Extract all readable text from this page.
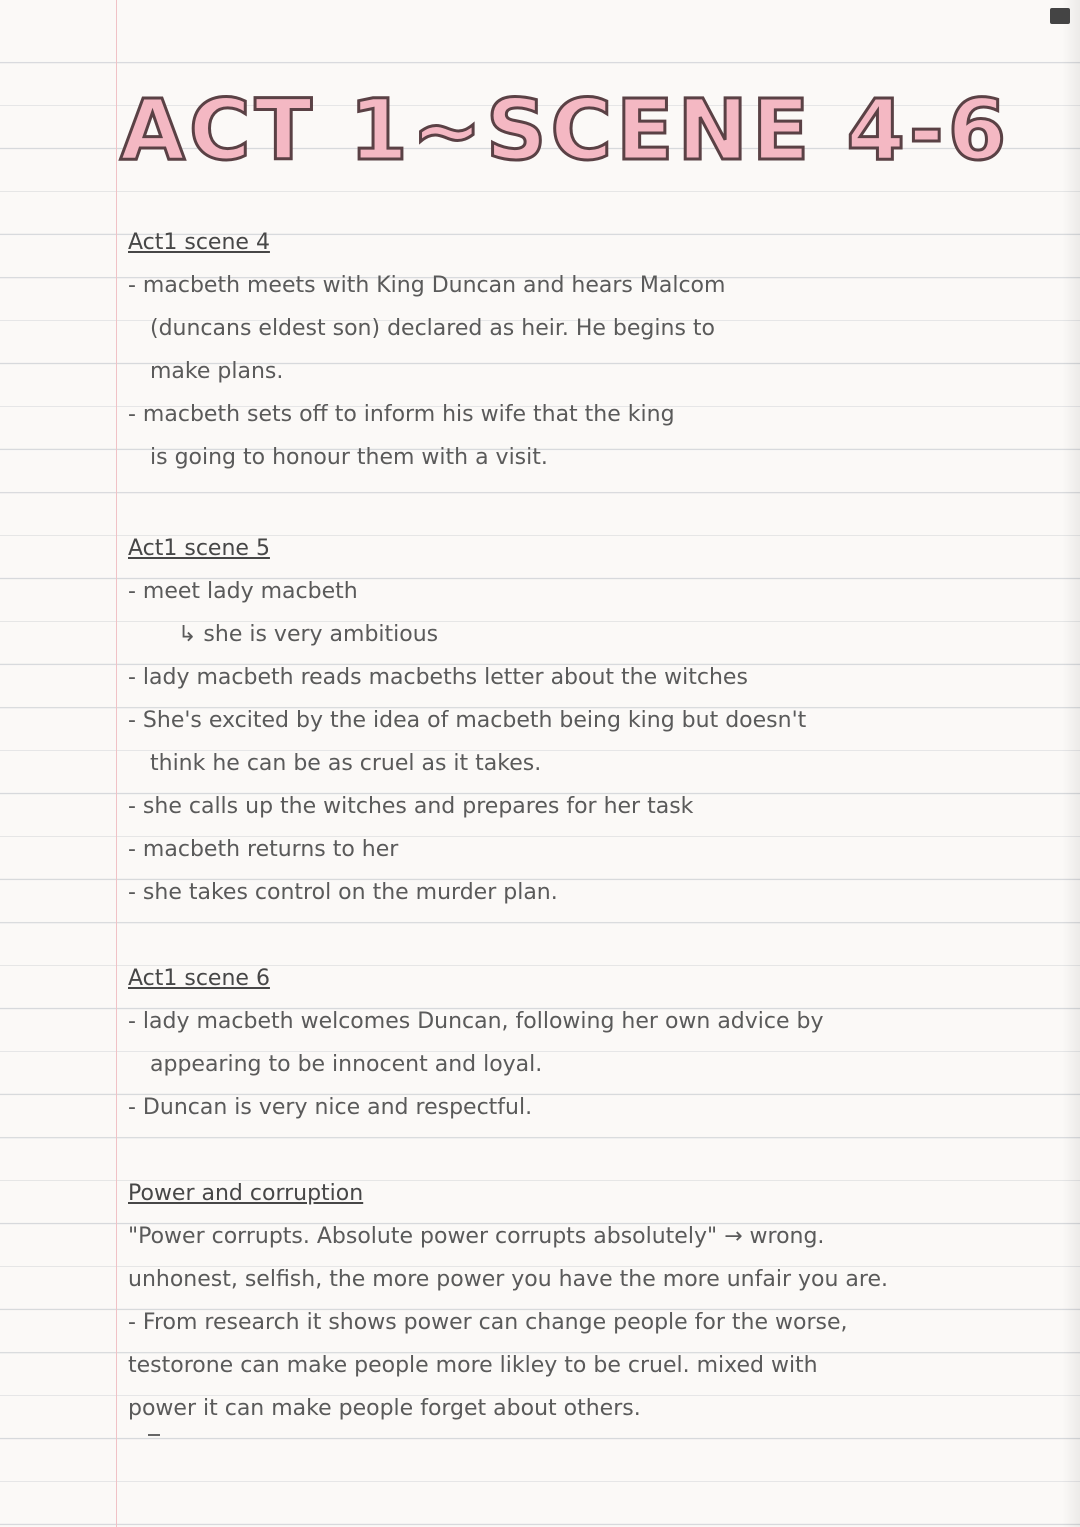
ACT 1~SCENE 4-6
Act1 scene 4
- macbeth meets with King Duncan and hears Malcom
(duncans eldest son) declared as heir. He begins to
make plans.
- macbeth sets off to inform his wife that the king
is going to honour them with a visit.
Act1 scene 5
- meet lady macbeth
↳ she is very ambitious
- lady macbeth reads macbeths letter about the witches
- She's excited by the idea of macbeth being king but doesn't
think he can be as cruel as it takes.
- she calls up the witches and prepares for her task
- macbeth returns to her
- she takes control on the murder plan.
Act1 scene 6
- lady macbeth welcomes Duncan, following her own advice by
appearing to be innocent and loyal.
- Duncan is very nice and respectful.
Power and corruption
"Power corrupts. Absolute power corrupts absolutely" → wrong.
unhonest, selfish, the more power you have the more unfair you are.
- From research it shows power can change people for the worse,
testorone can make people more likley to be cruel. mixed with
power it can make people forget about others.
